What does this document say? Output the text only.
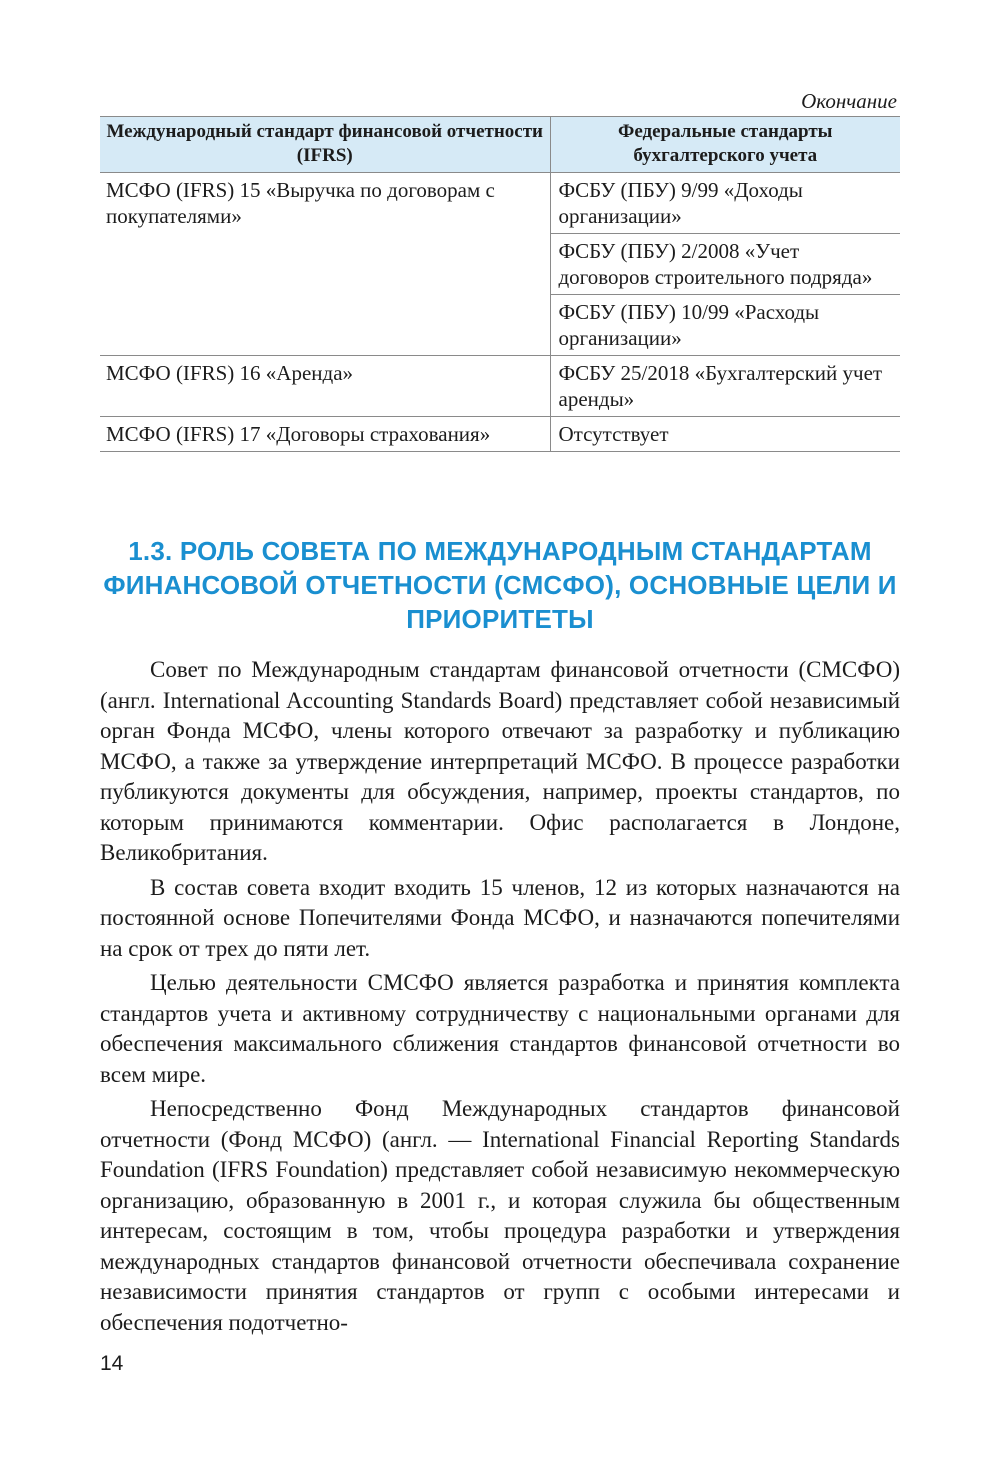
Окончание
Международный стандарт финансовой отчетности (IFRS)	Федеральные стандарты бухгалтерского учета
МСФО (IFRS) 15 «Выручка по договорам с покупателями»	ФСБУ (ПБУ) 9/99 «Доходы организации»
	ФСБУ (ПБУ) 2/2008 «Учет договоров строительного подряда»
	ФСБУ (ПБУ) 10/99 «Расходы организации»
МСФО (IFRS) 16 «Аренда»	ФСБУ 25/2018 «Бухгалтерский учет аренды»
МСФО (IFRS) 17 «Договоры страхования»	Отсутствует
1.3. РОЛЬ СОВЕТА ПО МЕЖДУНАРОДНЫМ СТАНДАРТАМ ФИНАНСОВОЙ ОТЧЕТНОСТИ (СМСФО), ОСНОВНЫЕ ЦЕЛИ И ПРИОРИТЕТЫ

Совет по Международным стандартам финансовой отчетности (СМСФО) (англ. International Accounting Standards Board) представляет собой независимый орган Фонда МСФО, члены которого отвечают за разработку и публикацию МСФО, а также за утверждение интерпретаций МСФО. В процессе разработки публикуются документы для обсуждения, например, проекты стандартов, по которым принимаются комментарии. Офис располагается в Лондоне, Великобритания.

В состав совета входит входить 15 членов, 12 из которых назначаются на постоянной основе Попечителями Фонда МСФО, и назначаются попечителями на срок от трех до пяти лет.

Целью деятельности СМСФО является разработка и принятия комплекта стандартов учета и активному сотрудничеству с национальными органами для обеспечения максимального сближения стандартов финансовой отчетности во всем мире.

Непосредственно Фонд Международных стандартов финансовой отчетности (Фонд МСФО) (англ. — International Financial Reporting Standards Foundation (IFRS Foundation) представляет собой независимую некоммерческую организацию, образованную в 2001 г., и которая служила бы общественным интересам, состоящим в том, чтобы процедура разработки и утверждения международных стандартов финансовой отчетности обеспечивала сохранение независимости принятия стандартов от групп с особыми интересами и обеспечения подотчетно-

14
